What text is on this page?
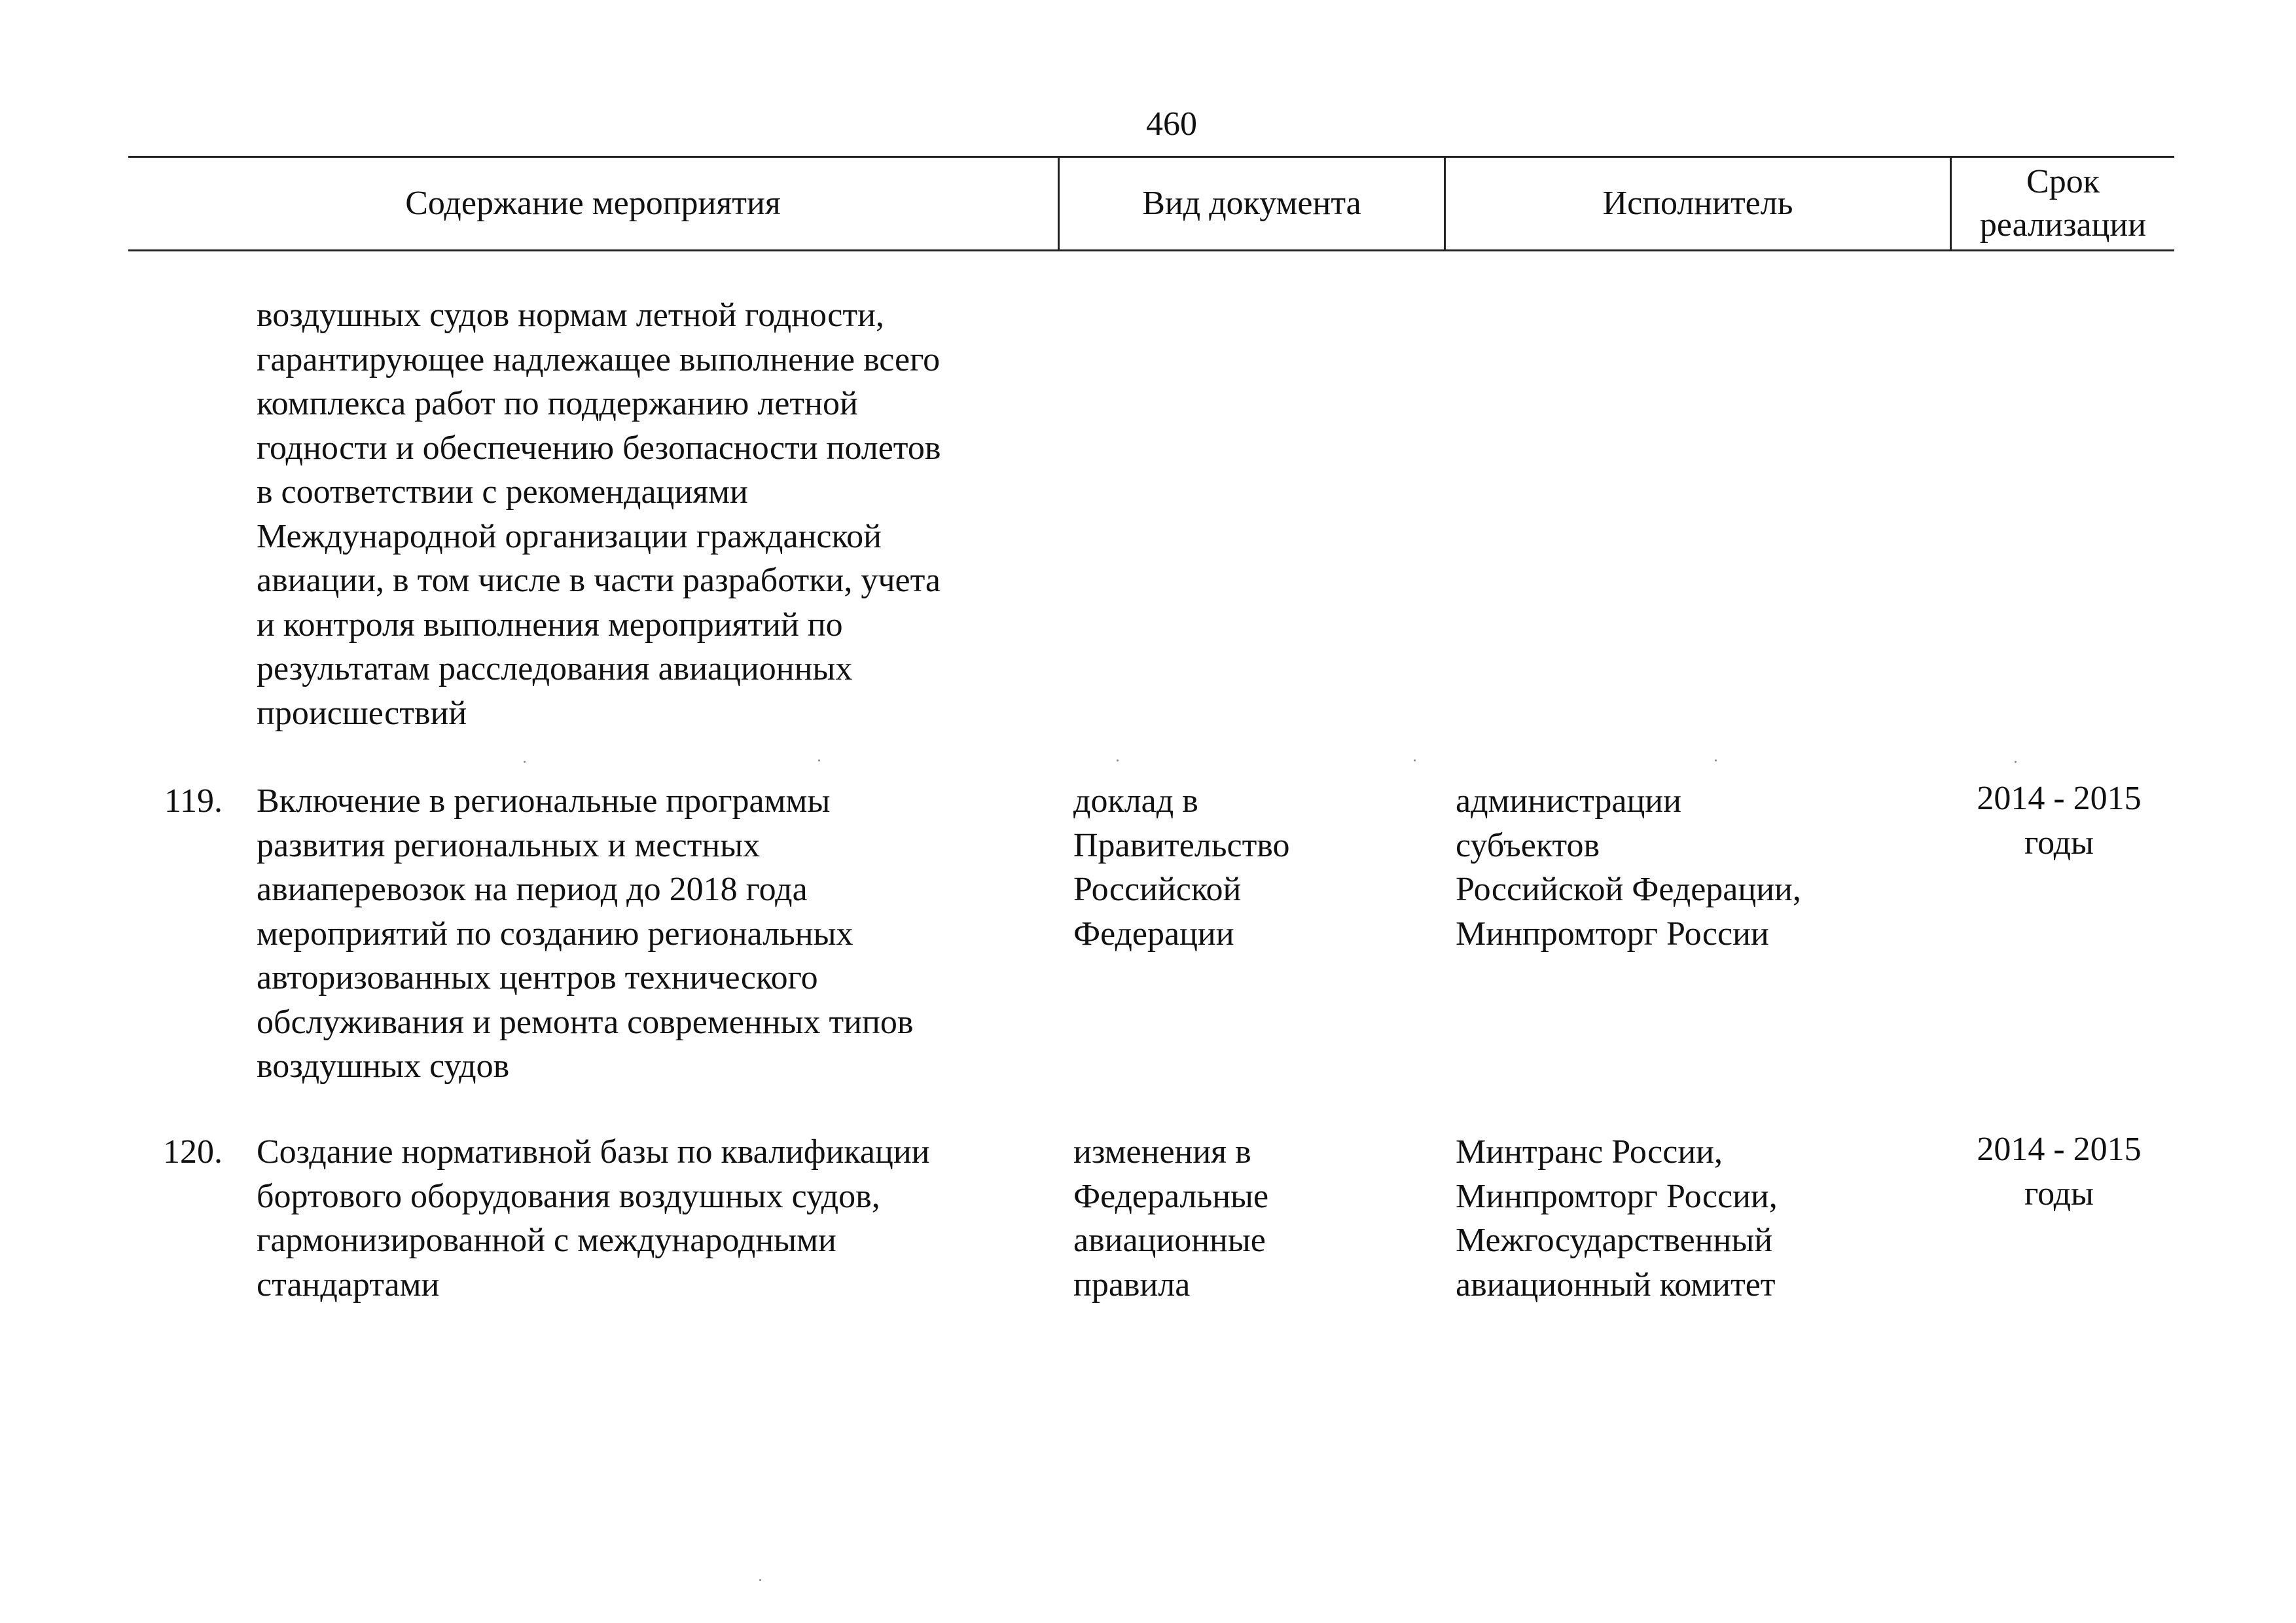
460
Содержание мероприятия	Вид документа	Исполнитель
Срок
реализации
воздушных судов нормам летной годности,
гарантирующее надлежащее выполнение всего
комплекса работ по поддержанию летной
годности и обеспечению безопасности полетов
в соответствии с рекомендациями
Международной организации гражданской
авиации, в том числе в части разработки, учета
и контроля выполнения мероприятий по
результатам расследования авиационных
происшествий
119. Включение в региональные программы
развития региональных и местных
авиаперевозок на период до 2018 года
мероприятий по созданию региональных
авторизованных центров технического
обслуживания и ремонта современных типов
воздушных судов
доклад в
Правительство
Российской
Федерации
администрации субъектов
Российской Федерации,
Минпромторг России
2014 - 2015
годы
120. Создание нормативной базы по квалификации
бортового оборудования воздушных судов,
гармонизированной с международными
стандартами
изменения в
Федеральные
авиационные
правила
Минтранс России,
Минпромторг России,
Межгосударственный
авиационный комитет
2014 - 2015
годы
